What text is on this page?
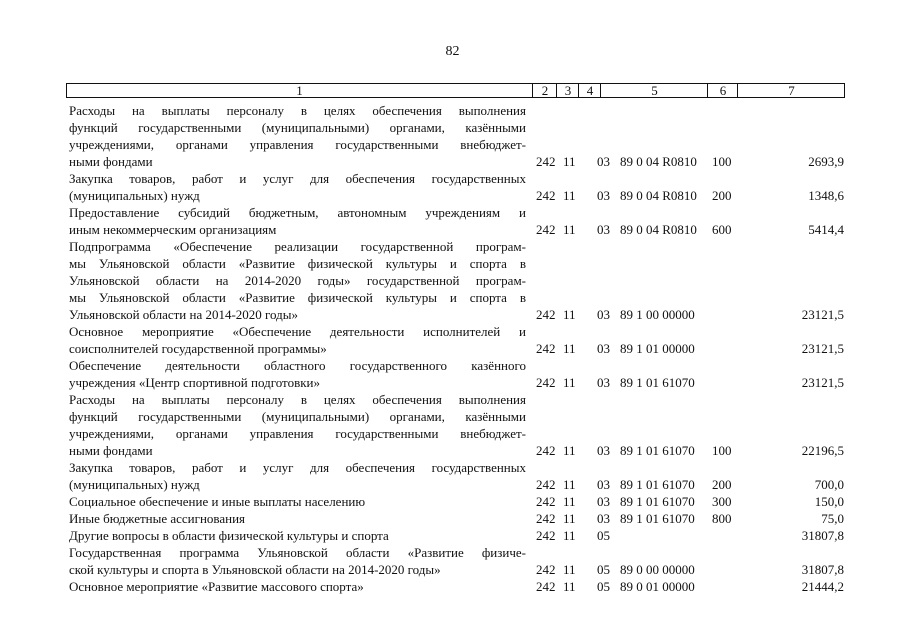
82
1	2	3	4	5	6	7
Расходы на выплаты персоналу в целях обеспечения выполнения
функций государственными (муниципальными) органами, казёнными
учреждениями, органами управления государственными внебюджет-
ными фондами	242 11 03 89 0 04 R0810 100	2693,9
Закупка товаров, работ и услуг для обеспечения государственных
(муниципальных) нужд	242 11 03 89 0 04 R0810 200	1348,6
Предоставление субсидий бюджетным, автономным учреждениям и
иным некоммерческим организациям	242 11 03 89 0 04 R0810 600	5414,4
Подпрограмма «Обеспечение реализации государственной програм-
мы Ульяновской области «Развитие физической культуры и спорта в
Ульяновской области на 2014-2020 годы» государственной програм-
мы Ульяновской области «Развитие физической культуры и спорта в
Ульяновской области на 2014-2020 годы»	242 11 03 89 1 00 00000	23121,5
Основное мероприятие «Обеспечение деятельности исполнителей и
соисполнителей государственной программы»	242 11 03 89 1 01 00000	23121,5
Обеспечение деятельности областного государственного казённого
учреждения «Центр спортивной подготовки»	242 11 03 89 1 01 61070	23121,5
Расходы на выплаты персоналу в целях обеспечения выполнения
функций государственными (муниципальными) органами, казёнными
учреждениями, органами управления государственными внебюджет-
ными фондами	242 11 03 89 1 01 61070 100	22196,5
Закупка товаров, работ и услуг для обеспечения государственных
(муниципальных) нужд	242 11 03 89 1 01 61070 200	700,0
Социальное обеспечение и иные выплаты населению	242 11 03 89 1 01 61070 300	150,0
Иные бюджетные ассигнования	242 11 03 89 1 01 61070 800	75,0
Другие вопросы в области физической культуры и спорта	242 11 05	31807,8
Государственная программа Ульяновской области «Развитие физиче-
ской культуры и спорта в Ульяновской области на 2014-2020 годы»	242 11 05 89 0 00 00000	31807,8
Основное мероприятие «Развитие массового спорта»	242 11 05 89 0 01 00000	21444,2
